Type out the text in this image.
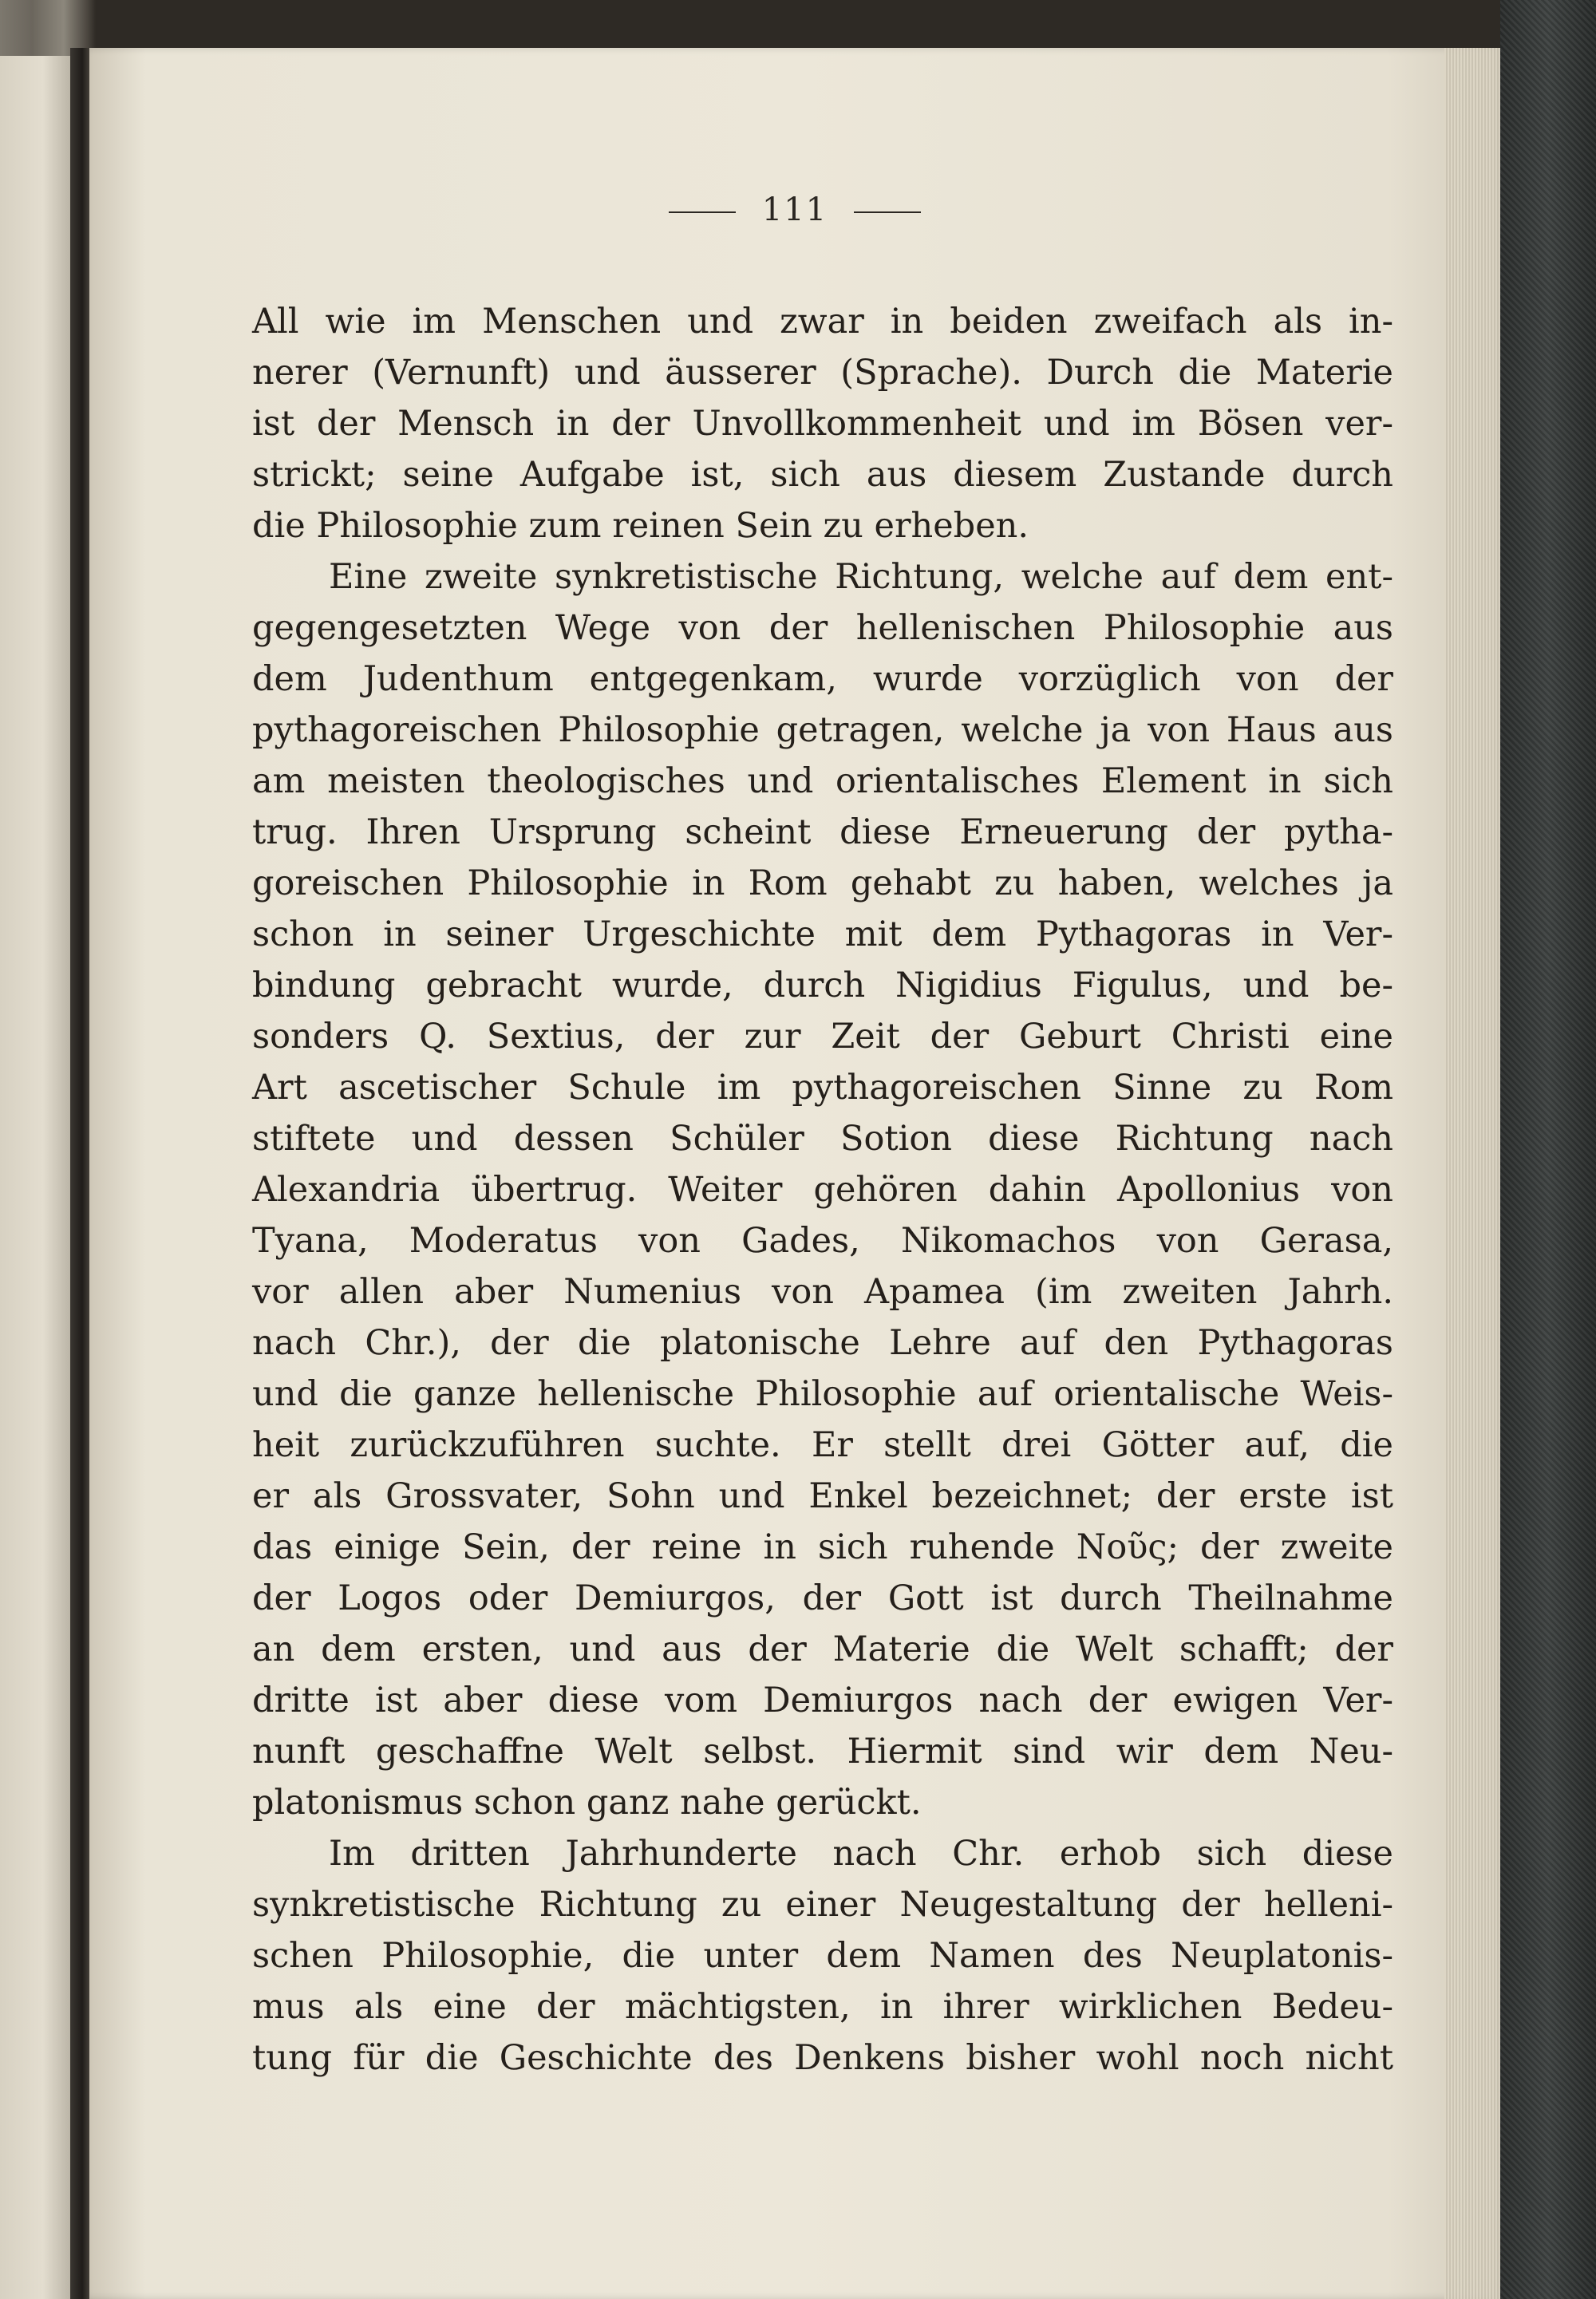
111
All wie im Menschen und zwar in beiden zweifach als in-
nerer (Vernunft) und äusserer (Sprache). Durch die Materie
ist der Mensch in der Unvollkommenheit und im Bösen ver-
strickt; seine Aufgabe ist, sich aus diesem Zustande durch
die Philosophie zum reinen Sein zu erheben.
Eine zweite synkretistische Richtung, welche auf dem ent-
gegengesetzten Wege von der hellenischen Philosophie aus
dem Judenthum entgegenkam, wurde vorzüglich von der
pythagoreischen Philosophie getragen, welche ja von Haus aus
am meisten theologisches und orientalisches Element in sich
trug. Ihren Ursprung scheint diese Erneuerung der pytha-
goreischen Philosophie in Rom gehabt zu haben, welches ja
schon in seiner Urgeschichte mit dem Pythagoras in Ver-
bindung gebracht wurde, durch Nigidius Figulus, und be-
sonders Q. Sextius, der zur Zeit der Geburt Christi eine
Art ascetischer Schule im pythagoreischen Sinne zu Rom
stiftete und dessen Schüler Sotion diese Richtung nach
Alexandria übertrug. Weiter gehören dahin Apollonius von
Tyana, Moderatus von Gades, Nikomachos von Gerasa,
vor allen aber Numenius von Apamea (im zweiten Jahrh.
nach Chr.), der die platonische Lehre auf den Pythagoras
und die ganze hellenische Philosophie auf orientalische Weis-
heit zurückzuführen suchte. Er stellt drei Götter auf, die
er als Grossvater, Sohn und Enkel bezeichnet; der erste ist
das einige Sein, der reine in sich ruhende Νοῦς; der zweite
der Logos oder Demiurgos, der Gott ist durch Theilnahme
an dem ersten, und aus der Materie die Welt schafft; der
dritte ist aber diese vom Demiurgos nach der ewigen Ver-
nunft geschaffne Welt selbst. Hiermit sind wir dem Neu-
platonismus schon ganz nahe gerückt.
Im dritten Jahrhunderte nach Chr. erhob sich diese
synkretistische Richtung zu einer Neugestaltung der helleni-
schen Philosophie, die unter dem Namen des Neuplatonis-
mus als eine der mächtigsten, in ihrer wirklichen Bedeu-
tung für die Geschichte des Denkens bisher wohl noch nicht
